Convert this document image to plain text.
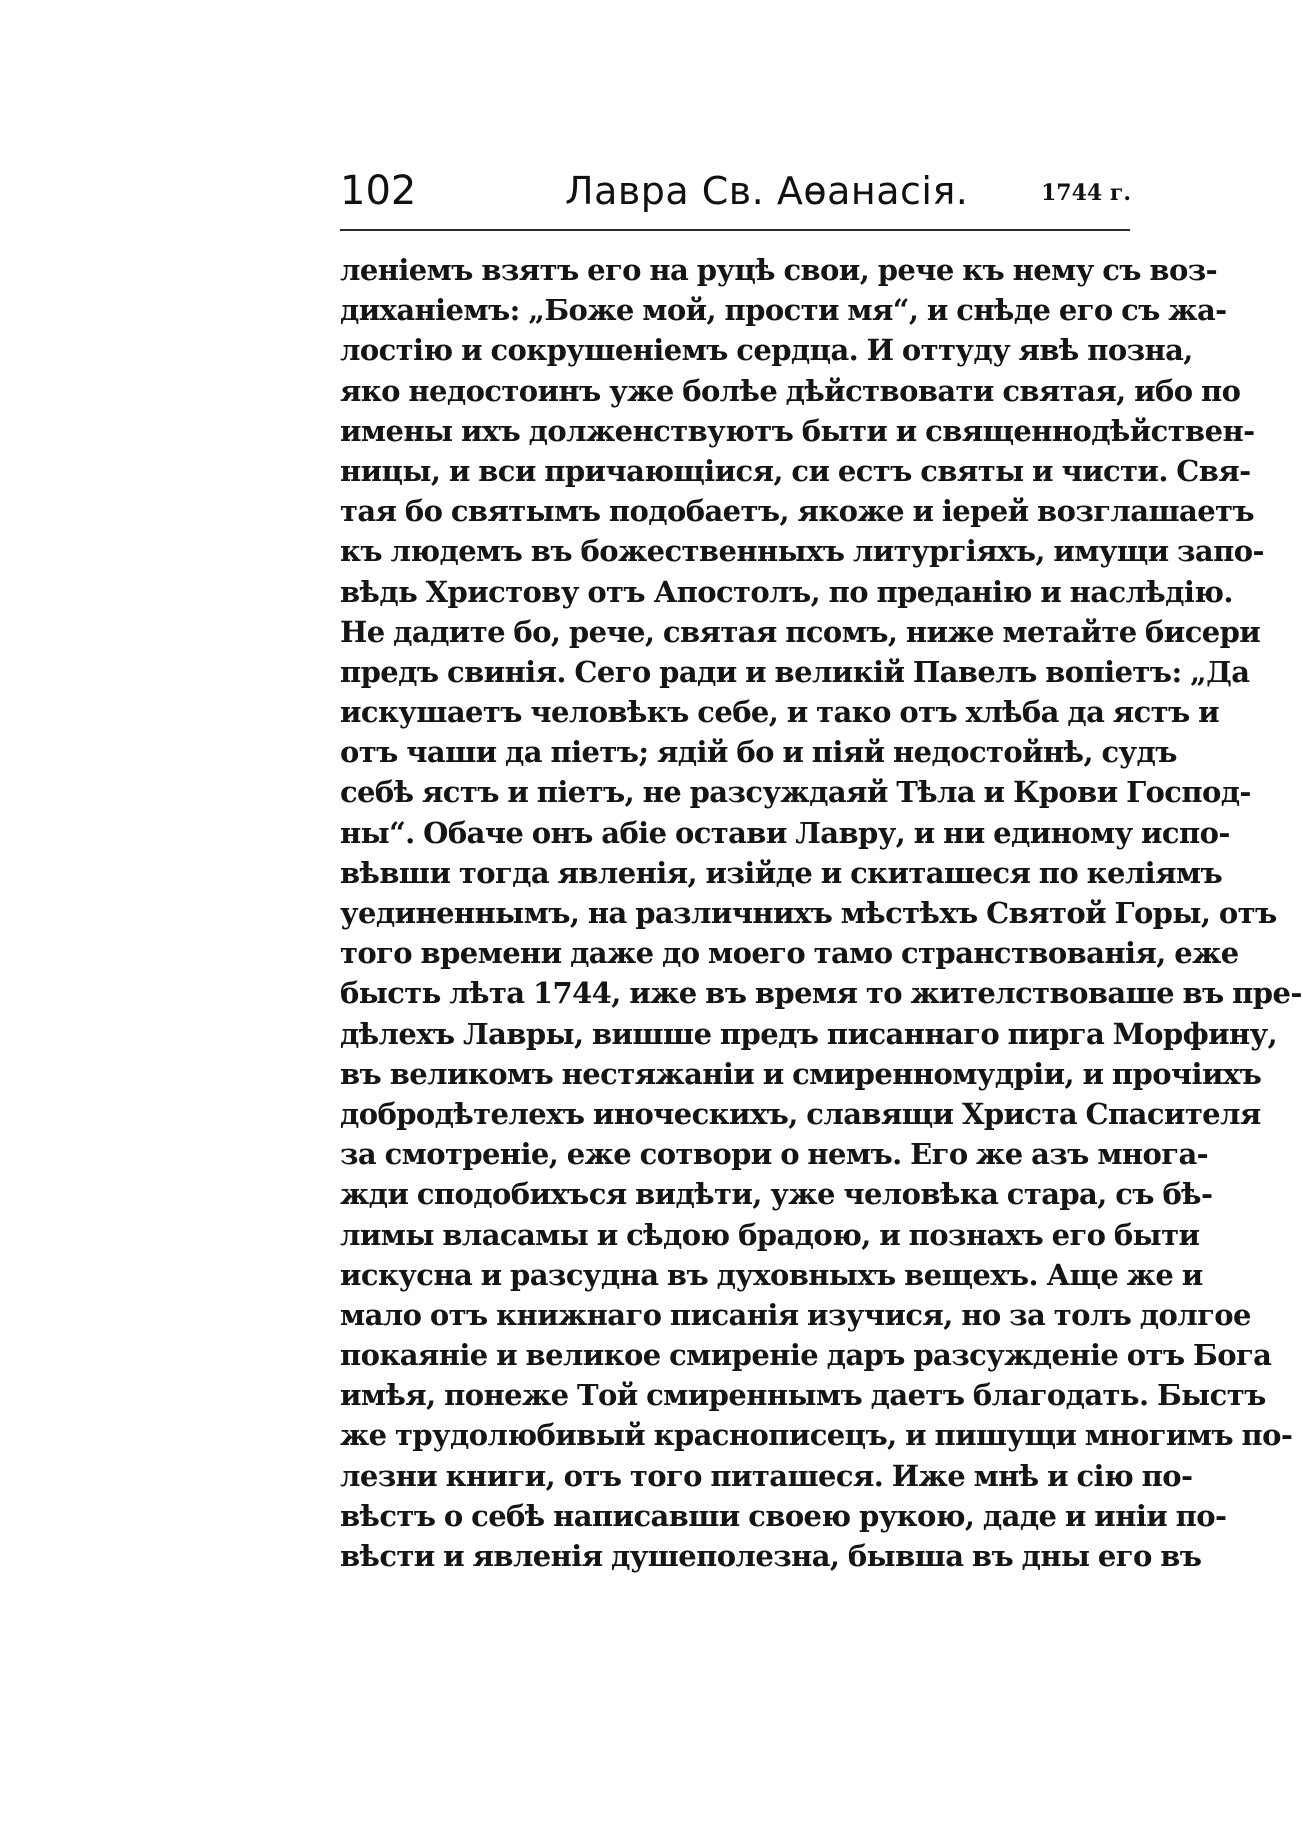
102	Лавра Св. Аѳанасія.	1744 г.
леніемъ взятъ его на руцѣ свои, рече къ нему съ воз-
диханіемъ: „Боже мой, прости мя“, и снѣде его съ жа-
лостію и сокрушеніемъ сердца. И оттуду явѣ позна,
яко недостоинъ уже болѣе дѣйствовати святая, ибо по
имены ихъ долженствуютъ быти и священнодѣйствен-
ницы, и вси причающіися, си естъ святы и чисти. Свя-
тая бо святымъ подобаетъ, якоже и іерей возглашаетъ
къ людемъ въ божественныхъ литургіяхъ, имущи запо-
вѣдь Христову отъ Апостолъ, по преданію и наслѣдію.
Не дадите бо, рече, святая псомъ, ниже метайте бисери
предъ свинія. Сего ради и великій Павелъ вопіетъ: „Да
искушаетъ человѣкъ себе, и тако отъ хлѣба да ястъ и
отъ чаши да піетъ; ядій бо и піяй недостойнѣ, судъ
себѣ ястъ и піетъ, не разсуждаяй Тѣла и Крови Господ-
ны“. Обаче онъ абіе остави Лавру, и ни единому испо-
вѣвши тогда явленія, изійде и скиташеся по келіямъ
уединеннымъ, на различнихъ мѣстѣхъ Святой Горы, отъ
того времени даже до моего тамо странствованія, еже
бысть лѣта 1744, иже въ время то жителствоваше въ пре-
дѣлехъ Лавры, вишше предъ писаннаго пирга Морфину,
въ великомъ нестяжаніи и смиренномудріи, и прочіихъ
добродѣтелехъ иноческихъ, славящи Христа Спасителя
за смотреніе, еже сотвори о немъ. Его же азъ многа-
жди сподобихъся видѣти, уже человѣка стара, съ бѣ-
лимы власамы и сѣдою брадою, и познахъ его быти
искусна и разсудна въ духовныхъ вещехъ. Аще же и
мало отъ книжнаго писанія изучися, но за толъ долгое
покаяніе и великое смиреніе даръ разсужденіе отъ Бога
имѣя, понеже Той смиреннымъ даетъ благодать. Быстъ
же трудолюбивый краснописецъ, и пишущи многимъ по-
лезни книги, отъ того питашеся. Иже мнѣ и сію по-
вѣстъ о себѣ написавши своею рукою, даде и иніи по-
вѣсти и явленія душеполезна, бывша въ дны его въ
